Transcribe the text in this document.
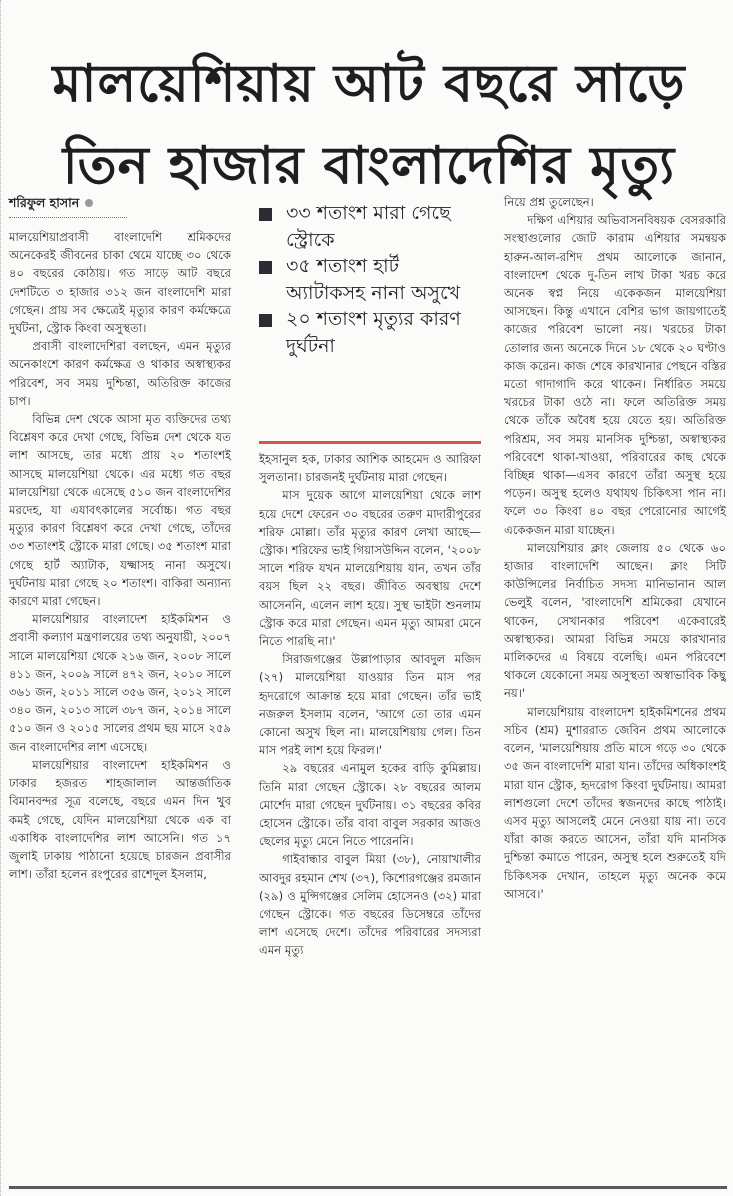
মালয়েশিয়ায় আট বছরে সাড়ে
তিন হাজার বাংলাদেশির মৃত্যু
শরিফুল হাসান

মালয়েশিয়াপ্রবাসী বাংলাদেশি শ্রমিকদের অনেকেরই জীবনের চাকা থেমে যাচ্ছে ৩০ থেকে ৪০ বছরের কোঠায়। গত সাড়ে আট বছরে দেশটিতে ৩ হাজার ৩১২ জন বাংলাদেশি মারা গেছেন। প্রায় সব ক্ষেত্রেই মৃত্যুর কারণ কর্মক্ষেত্রে দুর্ঘটনা, স্ট্রোক কিংবা অসুস্থতা।

প্রবাসী বাংলাদেশিরা বলছেন, এমন মৃত্যুর অনেকাংশে কারণ কর্মক্ষেত্র ও থাকার অস্বাস্থ্যকর পরিবেশ, সব সময় দুশ্চিন্তা, অতিরিক্ত কাজের চাপ।

বিভিন্ন দেশ থেকে আসা মৃত ব্যক্তিদের তথ্য বিশ্লেষণ করে দেখা গেছে, বিভিন্ন দেশ থেকে যত লাশ আসছে, তার মধ্যে প্রায় ২০ শতাংশই আসছে মালয়েশিয়া থেকে। এর মধ্যে গত বছর মালয়েশিয়া থেকে এসেছে ৫১০ জন বাংলাদেশির মরদেহ, যা এযাবৎকালের সর্বোচ্চ। গত বছর মৃত্যুর কারণ বিশ্লেষণ করে দেখা গেছে, তাঁদের ৩৩ শতাংশই স্ট্রোকে মারা গেছে। ৩৫ শতাংশ মারা গেছে হার্ট অ্যাটাক, যক্ষ্মাসহ নানা অসুখে। দুর্ঘটনায় মারা গেছে ২০ শতাংশ। বাকিরা অন্যান্য কারণে মারা গেছেন।

মালয়েশিয়ার বাংলাদেশ হাইকমিশন ও প্রবাসী কল্যাণ মন্ত্রণালয়ের তথ্য অনুযায়ী, ২০০৭ সালে মালয়েশিয়া থেকে ২১৬ জন, ২০০৮ সালে ৪১১ জন, ২০০৯ সালে ৪৭২ জন, ২০১০ সালে ৩৬১ জন, ২০১১ সালে ৩৫৬ জন, ২০১২ সালে ৩৪০ জন, ২০১৩ সালে ৩৮৭ জন, ২০১৪ সালে ৫১০ জন ও ২০১৫ সালের প্রথম ছয় মাসে ২৫৯ জন বাংলাদেশির লাশ এসেছে।

মালয়েশিয়ার বাংলাদেশ হাইকমিশন ও ঢাকার হজরত শাহজালাল আন্তর্জাতিক বিমানবন্দর সূত্র বলেছে, বছরে এমন দিন খুব কমই গেছে, যেদিন মালয়েশিয়া থেকে এক বা একাধিক বাংলাদেশির লাশ আসেনি। গত ১৭ জুলাই ঢাকায় পাঠানো হয়েছে চারজন প্রবাসীর লাশ। তাঁরা হলেন রংপুরের রাশেদুল ইসলাম,

৩৩ শতাংশ মারা গেছে স্ট্রোকে
৩৫ শতাংশ হার্ট অ্যাটাকসহ নানা অসুখে
২০ শতাংশ মৃত্যুর কারণ দুর্ঘটনা

ইহসানুল হক, ঢাকার আশিক আহমেদ ও আরিফা সুলতানা। চারজনই দুর্ঘটনায় মারা গেছেন।

মাস দুয়েক আগে মালয়েশিয়া থেকে লাশ হয়ে দেশে ফেরেন ৩০ বছরের তরুণ মাদারীপুরের শরিফ মোল্লা। তাঁর মৃত্যুর কারণ লেখা আছে—স্ট্রোক। শরিফের ভাই গিয়াসউদ্দিন বলেন, '২০০৮ সালে শরিফ যখন মালয়েশিয়ায় যান, তখন তাঁর বয়স ছিল ২২ বছর। জীবিত অবস্থায় দেশে আসেননি, এলেন লাশ হয়ে। সুস্থ ভাইটা শুনলাম স্ট্রোক করে মারা গেছেন। এমন মৃত্যু আমরা মেনে নিতে পারছি না।'

সিরাজগঞ্জের উল্লাপাড়ার আবদুল মজিদ (২৭) মালয়েশিয়া যাওয়ার তিন মাস পর হৃদরোগে আক্রান্ত হয়ে মারা গেছেন। তাঁর ভাই নজরুল ইসলাম বলেন, 'আগে তো তার এমন কোনো অসুখ ছিল না। মালয়েশিয়ায় গেল। তিন মাস পরই লাশ হয়ে ফিরল।'

২৯ বছরের এনামুল হকের বাড়ি কুমিল্লায়। তিনি মারা গেছেন স্ট্রোকে। ২৮ বছরের আলম মোর্শেদ মারা গেছেন দুর্ঘটনায়। ৩১ বছরের কবির হোসেন স্ট্রোকে। তাঁর বাবা বাবুল সরকার আজও ছেলের মৃত্যু মেনে নিতে পারেননি।

গাইবান্ধার বাবুল মিয়া (৩৮), নোয়াখালীর আবদুর রহমান শেখ (৩৭), কিশোরগঞ্জের রমজান (২৯) ও মুন্সিগঞ্জের সেলিম হোসেনও (৩২) মারা গেছেন স্ট্রোকে। গত বছরের ডিসেম্বরে তাঁদের লাশ এসেছে দেশে। তাঁদের পরিবারের সদস্যরা এমন মৃত্যু

নিয়ে প্রশ্ন তুলেছেন।

দক্ষিণ এশিয়ার অভিবাসনবিষয়ক বেসরকারি সংস্থাগুলোর জোট কারাম এশিয়ার সমন্বয়ক হারুন-আল-রশিদ প্রথম আলোকে জানান, বাংলাদেশ থেকে দু-তিন লাখ টাকা খরচ করে অনেক স্বপ্ন নিয়ে একেকজন মালয়েশিয়া আসছেন। কিন্তু এখানে বেশির ভাগ জায়গাতেই কাজের পরিবেশ ভালো নয়। খরচের টাকা তোলার জন্য অনেকে দিনে ১৮ থেকে ২০ ঘণ্টাও কাজ করেন। কাজ শেষে কারখানার পেছনে বস্তির মতো গাদাগাদি করে থাকেন। নির্ধারিত সময়ে খরচের টাকা ওঠে না। ফলে অতিরিক্ত সময় থেকে তাঁকে অবৈধ হয়ে যেতে হয়। অতিরিক্ত পরিশ্রম, সব সময় মানসিক দুশ্চিন্তা, অস্বাস্থ্যকর পরিবেশে থাকা-খাওয়া, পরিবারের কাছ থেকে বিচ্ছিন্ন থাকা—এসব কারণে তাঁরা অসুস্থ হয়ে পড়েন। অসুস্থ হলেও যথাযথ চিকিৎসা পান না। ফলে ৩০ কিংবা ৪০ বছর পেরোনোর আগেই একেকজন মারা যাচ্ছেন।

মালয়েশিয়ার ক্লাং জেলায় ৫০ থেকে ৬০ হাজার বাংলাদেশি আছেন। ক্লাং সিটি কাউন্সিলের নির্বাচিত সদস্য মানিভানান আল ভেলুই বলেন, 'বাংলাদেশি শ্রমিকেরা যেখানে থাকেন, সেখানকার পরিবেশ একেবারেই অস্বাস্থ্যকর। আমরা বিভিন্ন সময়ে কারখানার মালিকদের এ বিষয়ে বলেছি। এমন পরিবেশে থাকলে যেকোনো সময় অসুস্থতা অস্বাভাবিক কিছু নয়।'

মালয়েশিয়ায় বাংলাদেশ হাইকমিশনের প্রথম সচিব (শ্রম) মুশাররাত জেবিন প্রথম আলোকে বলেন, 'মালয়েশিয়ায় প্রতি মাসে গড়ে ৩০ থেকে ৩৫ জন বাংলাদেশি মারা যান। তাঁদের অধিকাংশই মারা যান স্ট্রোক, হৃদরোগ কিংবা দুর্ঘটনায়। আমরা লাশগুলো দেশে তাঁদের স্বজনদের কাছে পাঠাই। এসব মৃত্যু আসলেই মেনে নেওয়া যায় না। তবে যাঁরা কাজ করতে আসেন, তাঁরা যদি মানসিক দুশ্চিন্তা কমাতে পারেন, অসুস্থ হলে শুরুতেই যদি চিকিৎসক দেখান, তাহলে মৃত্যু অনেক কমে আসবে।'
